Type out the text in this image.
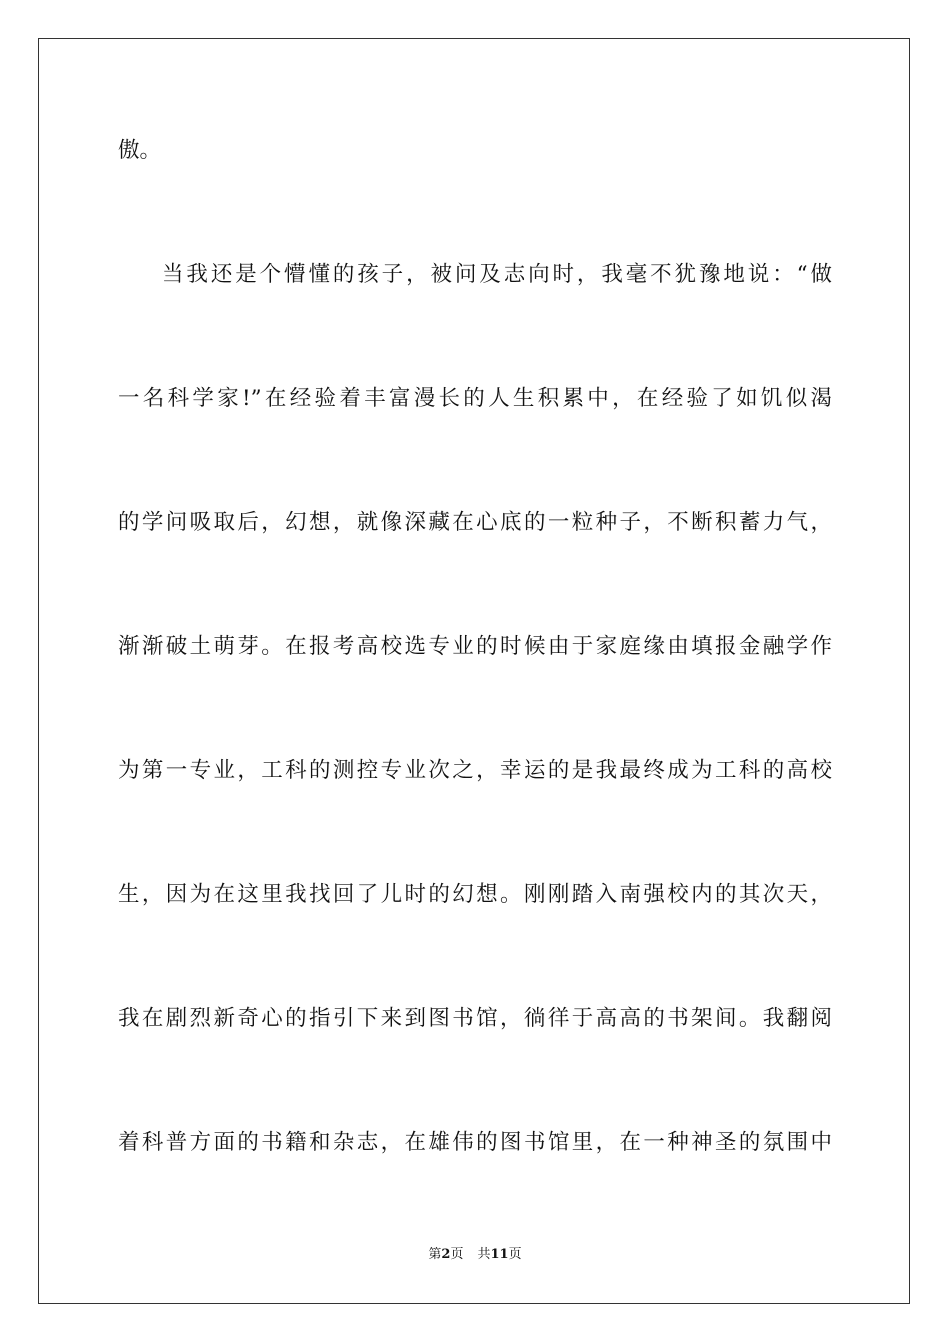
傲。
当我还是个懵懂的孩子，被问及志向时，我毫不犹豫地说：“做
一名科学家!”在经验着丰富漫长的人生积累中，在经验了如饥似渴
的学问吸取后，幻想，就像深藏在心底的一粒种子，不断积蓄力气，
渐渐破土萌芽。在报考高校选专业的时候由于家庭缘由填报金融学作
为第一专业，工科的测控专业次之，幸运的是我最终成为工科的高校
生，因为在这里我找回了儿时的幻想。刚刚踏入南强校内的其次天，
我在剧烈新奇心的指引下来到图书馆，徜徉于高高的书架间。我翻阅
着科普方面的书籍和杂志，在雄伟的图书馆里，在一种神圣的氛围中
第2页 共11页
